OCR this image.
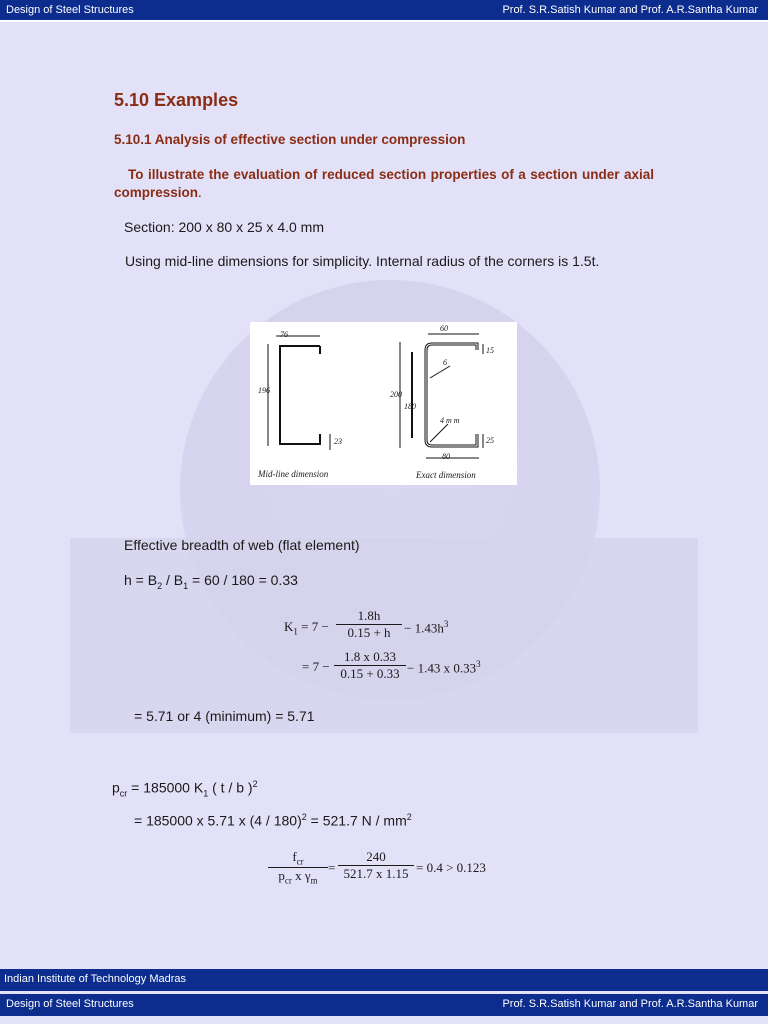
Design of Steel Structures	Prof. S.R.Satish Kumar and Prof. A.R.Santha Kumar
5.10 Examples
5.10.1 Analysis of effective section under compression
To illustrate the evaluation of reduced section properties of a section under axial compression.
Section: 200 x 80 x 25 x 4.0 mm
Using mid-line dimensions for simplicity. Internal radius of the corners is 1.5t.
76
196
23
60
15
6
200
180
4 m m
25
80
Mid-line dimension	Exact dimension
Effective breadth of web (flat element)
$h = B_2 / B_1 = 60 / 180 = 0.33$
$K_1 = 7 - \frac{1.8h}{0.15 + h} - 1.43h^3$
= $7 - \frac{1.8 x 0.33}{0.15 + 0.33} - 1.43$ x $0.33^3$
= 5.71 or 4 (minimum) = 5.71
$p_{cr} = 185000$ $K_1$ ( t / b )$^2$
= 185000 x 5.71 x (4 / 180)$^2$ = 521.7 N / $mm^2$
$f_{cr}$
$p_{cr}$ x $\gamma_m$
= $\frac{240}{521.7 x 1.15} = 0.4 > 0.123$
Indian Institute of Technology Madras
Design of Steel Structures	Prof. S.R.Satish Kumar and Prof. A.R.Santha Kumar
